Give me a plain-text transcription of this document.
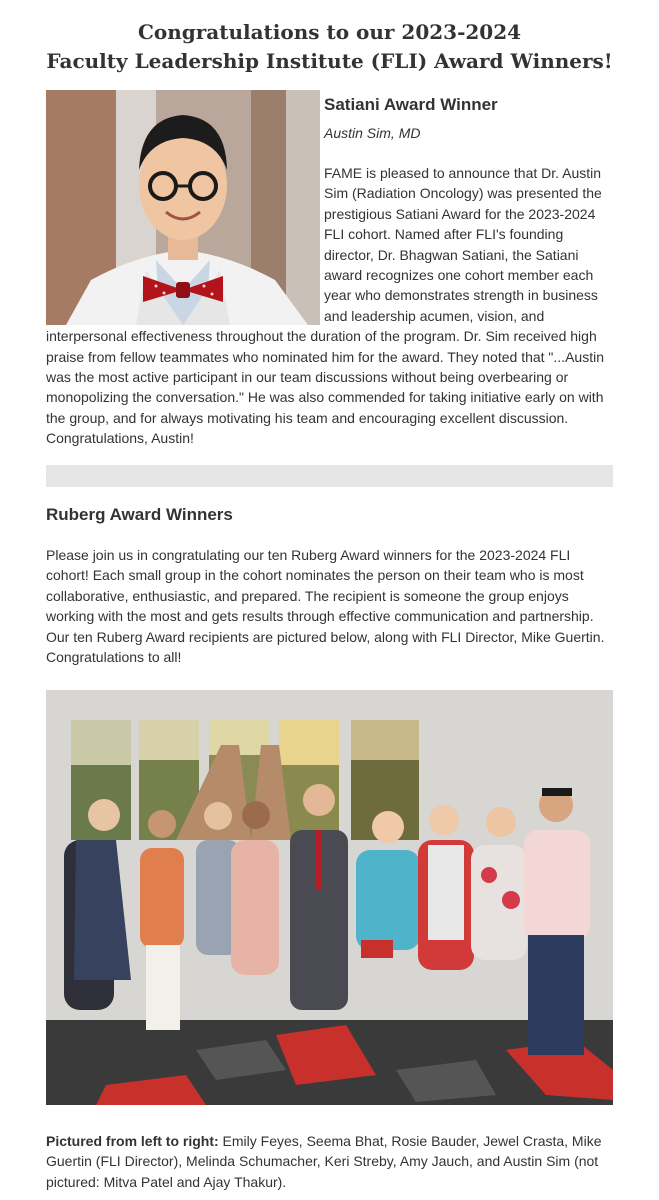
Congratulations to our 2023-2024
Faculty Leadership Institute (FLI) Award Winners!
Satiani Award Winner
Austin Sim, MD

FAME is pleased to announce that Dr. Austin Sim (Radiation Oncology) was presented the prestigious Satiani Award for the 2023-2024 FLI cohort. Named after FLI's founding director, Dr. Bhagwan Satiani, the Satiani award recognizes one cohort member each year who demonstrates strength in business and leadership acumen, vision, and interpersonal effectiveness throughout the duration of the program. Dr. Sim received high praise from fellow teammates who nominated him for the award. They noted that "...Austin was the most active participant in our team discussions without being overbearing or monopolizing the conversation." He was also commended for taking initiative early on with the group, and for always motivating his team and encouraging excellent discussion. Congratulations, Austin!

Ruberg Award Winners

Please join us in congratulating our ten Ruberg Award winners for the 2023-2024 FLI cohort! Each small group in the cohort nominates the person on their team who is most collaborative, enthusiastic, and prepared. The recipient is someone the group enjoys working with the most and gets results through effective communication and partnership. Our ten Ruberg Award recipients are pictured below, along with FLI Director, Mike Guertin. Congratulations to all!

Pictured from left to right: Emily Feyes, Seema Bhat, Rosie Bauder, Jewel Crasta, Mike Guertin (FLI Director), Melinda Schumacher, Keri Streby, Amy Jauch, and Austin Sim (not pictured: Mitva Patel and Ajay Thakur).
